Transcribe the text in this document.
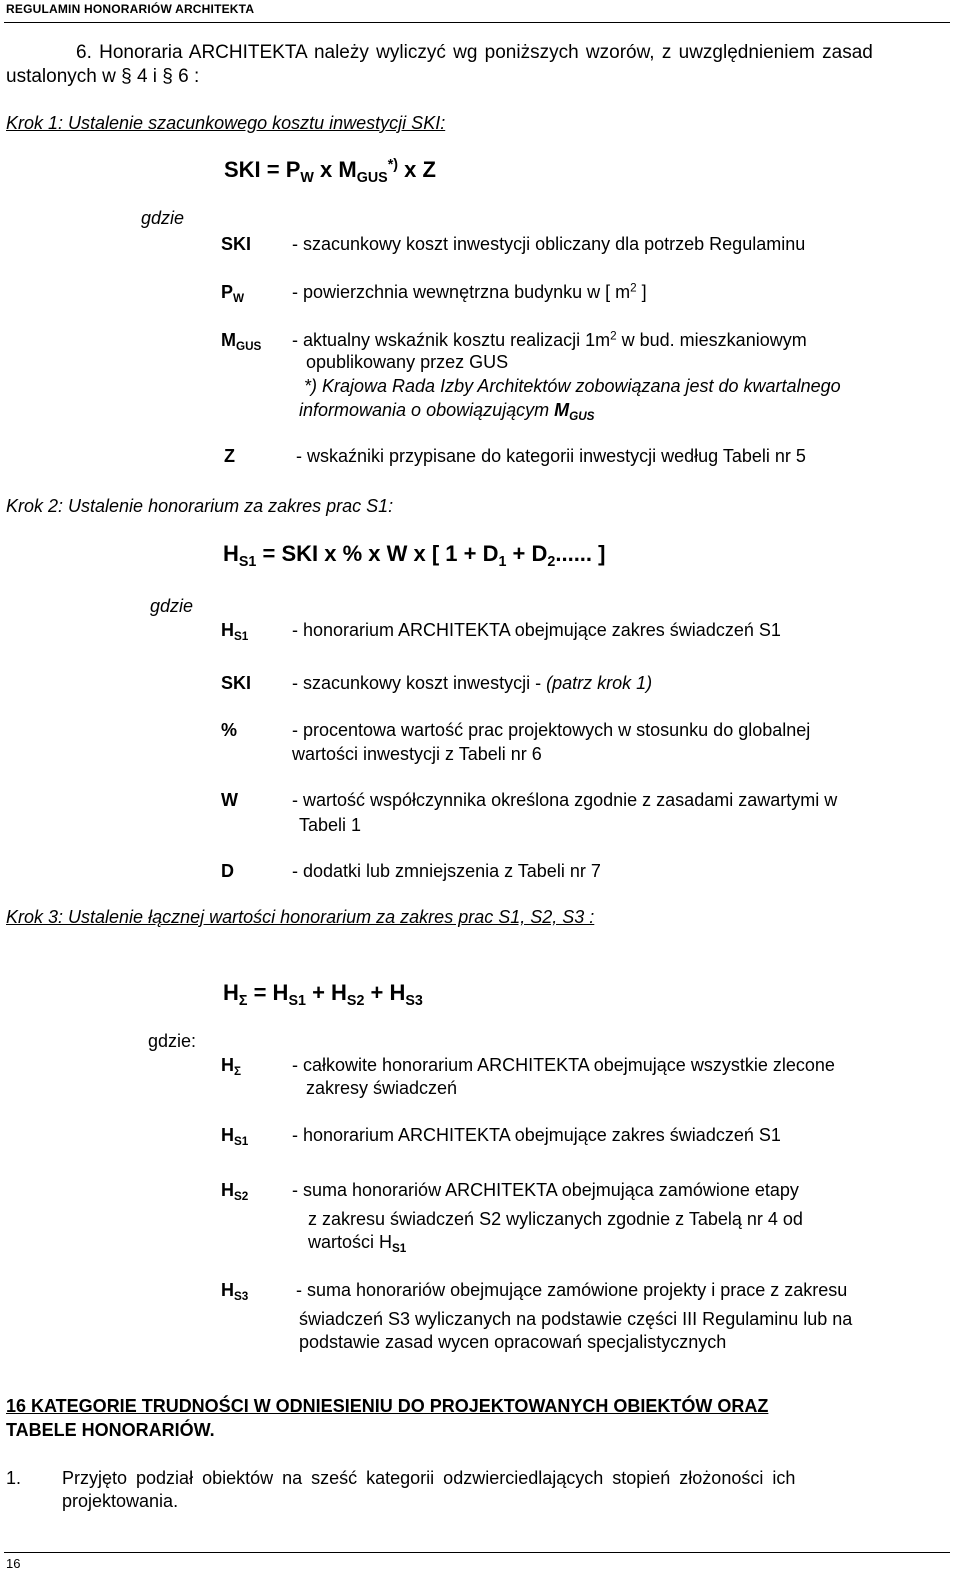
REGULAMIN HONORARIÓW ARCHITEKTA
6. Honoraria ARCHITEKTA należy wyliczyć wg poniższych wzorów, z uwzględnieniem zasad
ustalonych w § 4 i § 6 :
Krok 1: Ustalenie szacunkowego kosztu inwestycji SKI:
SKI = $P_W$ x $M_{GUS}^{*)}$ x Z
gdzie
SKI - szacunkowy koszt inwestycji obliczany dla potrzeb Regulaminu
$P_W$	- powierzchnia wewnętrzna budynku w [ $m^2$ ]
$M_{GUS}$ - aktualny wskaźnik kosztu realizacji $1m^2$ w bud. mieszkaniowym
opublikowany przez GUS
*) Krajowa Rada Izby Architektów zobowiązana jest do kwartalnego
informowania o obowiązującym $M_{GUS}$
Z	- wskaźniki przypisane do kategorii inwestycji według Tabeli nr 5
Krok 2: Ustalenie honorarium za zakres prac S1:
$H_{S1}$ = SKI x % x W x [ $1 + D_1 + D_2$...... ]
gdzie
$H_{S1}$ - honorarium ARCHITEKTA obejmujące zakres świadczeń S1
SKI - szacunkowy koszt inwestycji - (patrz krok 1)
%	- procentowa wartość prac projektowych w stosunku do globalnej
wartości inwestycji z Tabeli nr 6
W	- wartość współczynnika określona zgodnie z zasadami zawartymi w
Tabeli 1
D	- dodatki lub zmniejszenia z Tabeli nr 7
Krok 3: Ustalenie łącznej wartości honorarium za zakres prac S1, S2, S3 :
$H_\Sigma = H_{S1} + H_{S2} + H_{S3}$
gdzie:
$H_\Sigma$	- całkowite honorarium ARCHITEKTA obejmujące wszystkie zlecone
zakresy świadczeń
$H_{S1}$ - honorarium ARCHITEKTA obejmujące zakres świadczeń S1
$H_{S2}$ - suma honorariów ARCHITEKTA obejmująca zamówione etapy
z zakresu świadczeń S2 wyliczanych zgodnie z Tabelą nr 4 od
wartości $H_{S1}$
$H_{S3}$	- suma honorariów obejmujące zamówione projekty i prace z zakresu
świadczeń S3 wyliczanych na podstawie części III Regulaminu lub na
podstawie zasad wycen opracowań specjalistycznych
16 KATEGORIE TRUDNOŚCI W ODNIESIENIU DO PROJEKTOWANYCH OBIEKTÓW ORAZ
TABELE HONORARIÓW.
1. Przyjęto podział obiektów na sześć kategorii odzwierciedlających stopień złożoności ich
projektowania.
16
